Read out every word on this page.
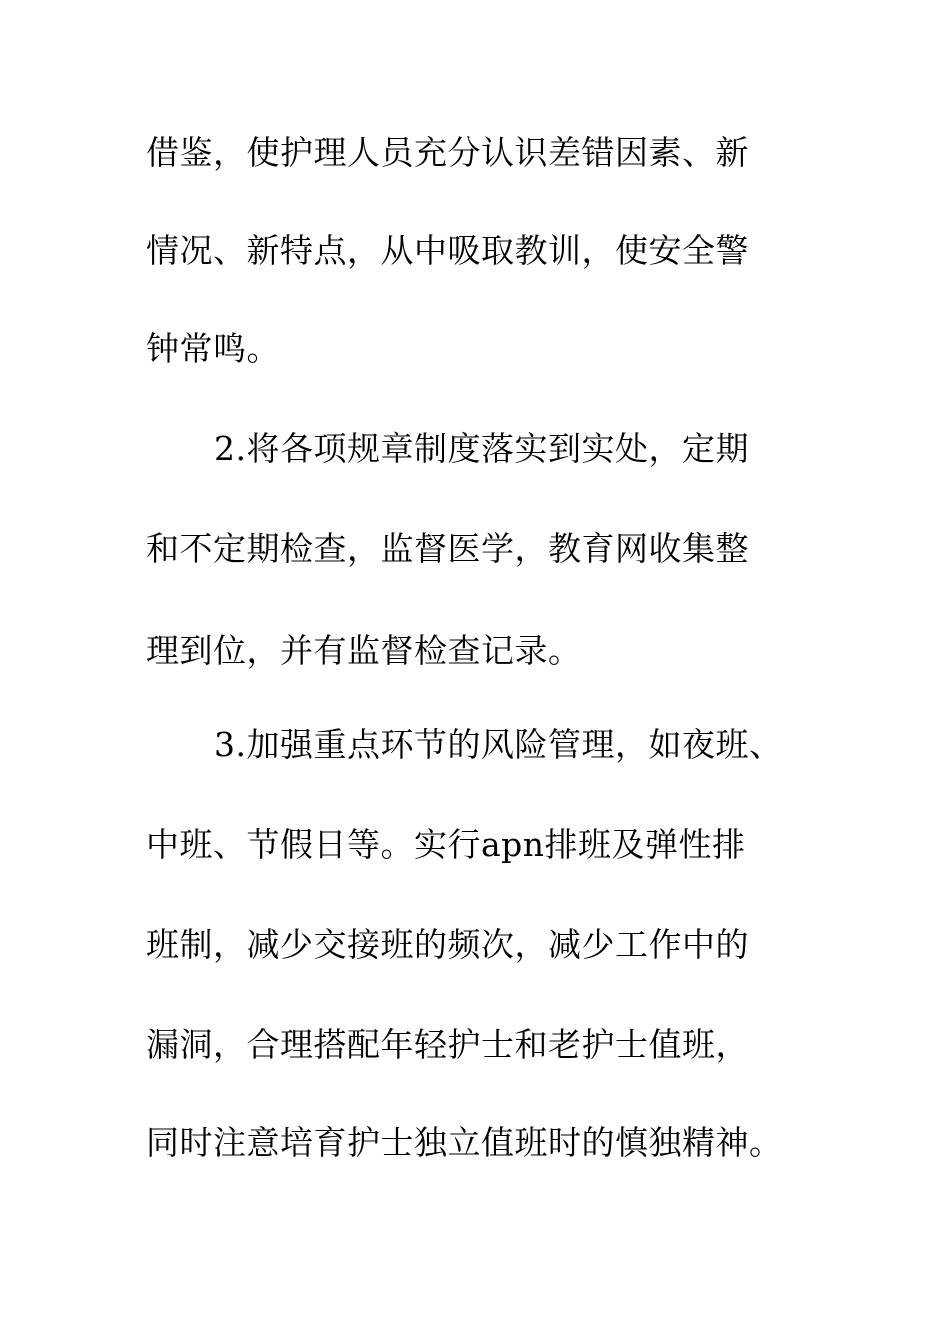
借鉴，使护理人员充分认识差错因素、新
情况、新特点，从中吸取教训，使安全警
钟常鸣。
2.将各项规章制度落实到实处，定期
和不定期检查，监督医学，教育网收集整
理到位，并有监督检查记录。
3.加强重点环节的风险管理，如夜班、
中班、节假日等。实行apn排班及弹性排
班制，减少交接班的频次，减少工作中的
漏洞，合理搭配年轻护士和老护士值班，
同时注意培育护士独立值班时的慎独精神。
